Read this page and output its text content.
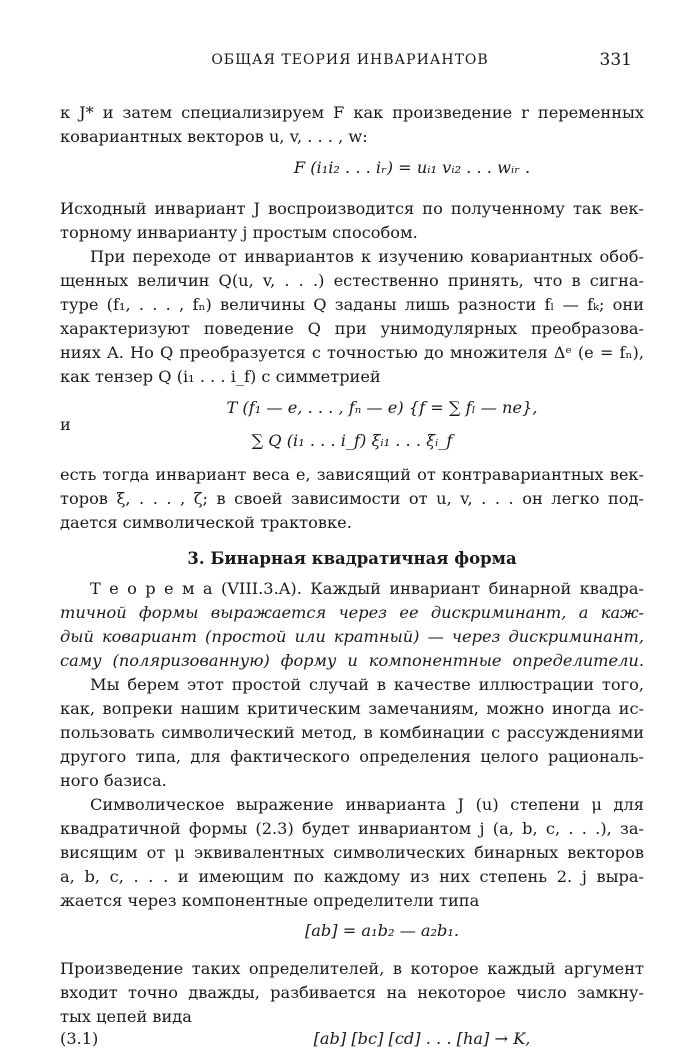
ОБЩАЯ ТЕОРИЯ ИНВАРИАНТОВ	331
к J* и затем специализируем F как произведение r переменных
ковариантных векторов u, v, . . . , w:
F (i₁i₂ . . . iᵣ) = uᵢ₁ vᵢ₂ . . . wᵢᵣ .
Исходный инвариант J воспроизводится по полученному так век-
торному инварианту j простым способом.
При переходе от инвариантов к изучению ковариантных обоб-
щенных величин Q(u, v, . . .) естественно принять, что в сигна-
туре (f₁, . . . , fₙ) величины Q заданы лишь разности fₗ — fₖ; они
характеризуют поведение Q при унимодулярных преобразова-
ниях A. Но Q преобразуется с точностью до множителя Δᵉ (e = fₙ),
как тензер Q (i₁ . . . i_f) с симметрией
T (f₁ — e, . . . , fₙ — e) {f = ∑ fₗ — ne},
и
∑ Q (i₁ . . . i_f) ξᵢ₁ . . . ξᵢ_f
есть тогда инвариант веса e, зависящий от контравариантных век-
торов ξ, . . . , ζ; в своей зависимости от u, v, . . . он легко под-
дается символической трактовке.
3. Бинарная квадратичная форма
Т е о р е м а (VIII.3.A). Каждый инвариант бинарной квадра-
тичной формы выражается через ее дискриминант, а каж-
дый ковариант (простой или кратный) — через дискриминант,
саму (поляризованную) форму и компонентные определители.
Мы берем этот простой случай в качестве иллюстрации того,
как, вопреки нашим критическим замечаниям, можно иногда ис-
пользовать символический метод, в комбинации с рассуждениями
другого типа, для фактического определения целого рациональ-
ного базиса.
Символическое выражение инварианта J (u) степени μ для
квадратичной формы (2.3) будет инвариантом j (a, b, c, . . .), за-
висящим от μ эквивалентных символических бинарных векторов
a, b, c, . . . и имеющим по каждому из них степень 2. j выра-
жается через компонентные определители типа
[ab] = a₁b₂ — a₂b₁.
Произведение таких определителей, в которое каждый аргумент
входит точно дважды, разбивается на некоторое число замкну-
тых цепей вида
(3.1)	[ab] [bc] [cd] . . . [ha] → K,
